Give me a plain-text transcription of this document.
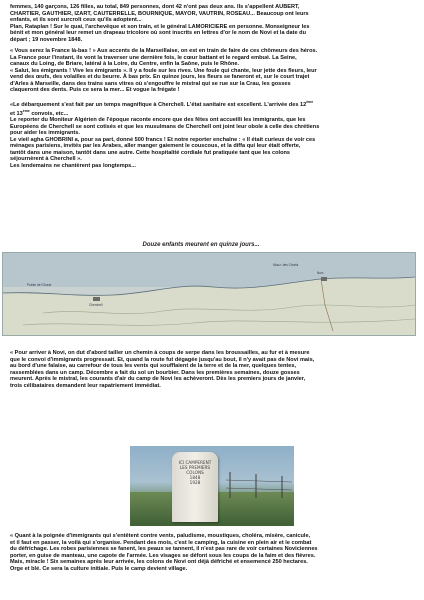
femmes, 140 garçons, 126 filles, au total, 849 personnes, dont 42 n'ont pas deux ans. Ils s'appellent AUBERT,

CHARTIER, GAUTHIER, IZART, CAUTERRELLE, BOURNIQUE, MAYOR, VAUTRIN, ROSEAU... Beaucoup ont leurs

enfants, et ils sont surcroît ceux qu'ils adoptent...

Plan, Rataplan ! Sur le quai, l'archevêque et son train, et le général LAMORICIERE en personne. Monseigneur les

bénit et mon général leur remet un drapeau tricolore où sont inscrits en lettres d'or le nom de Novi et la date du

départ ; 19 novembre 1848.

« Vous serez la France là-bas ! » Aux accents de la Marseillaise, on est en train de faire de ces chômeurs des héros.

La France pour l'instant, ils vont la traverser une dernière fois, le cœur battant et le regard embué. La Seine,

canaux du Loing, de Briare, latéral à la Loire, du Centre, enfin la Saône, puis le Rhône.

« Salut, les émigrants ! Vive les émigrants ». Il y a foule sur les rives. Une foule qui chante, leur jette des fleurs, leur

vend des œufs, des volailles et du beurre. À bas prix. En quinze jours, les fleurs se faneront et, sur le court trajet

d'Arles à Marseille, dans des trains sans vitres où s'engouffre le mistral qui se rue sur la Crau, les gosses

claqueront des dents. Puis ce sera la mer... Et vogue la frégate !

«Le débarquement s'est fait par un temps magnifique à Cherchell. L'état sanitaire est excellent. L'arrivée des 12ème

et 13ème convois, etc...

Le reporter du Moniteur Algérien de l'époque raconte encore que des fêtes ont accueilli les immigrants, que les

Européens de Cherchell se sont cotisés et que les musulmans de Cherchell ont joint leur obole à celle des chrétiens

pour aider les immigrants.

Le vieil agha GHOBRINI a, pour sa part, donné 500 francs ! Et notre reporter enchaîne : « Il était curieux de voir ces

ménages parisiens, invités par les Arabes, aller manger gaiement le couscous, et la diffa qui leur était offerte,

tantôt dans une maison, tantôt dans une autre. Cette hospitalité cordiale fut pratiquée tant que les colons

séjournèrent à Cherchell ».

Les lendemains ne chantèrent pas longtemps...

Douze enfants meurent en quinze jours...
Cherchell
Novi
Mouz. des Chorfa
Pointe de l'Ouest

« Pour arriver à Novi, on dut d'abord tailler un chemin à coups de serpe dans les broussailles, au fur et à mesure

que le convoi d'immigrants progressait. Et, quand la route fut dégagée jusqu'au bout, il n'y avait pas de Novi mais,

au bord d'une falaise, au carrefour de tous les vents qui soufflaient de la terre et de la mer, quelques tentes,

rassemblées dans un camp. Décembre a fait du sol un bourbier. Dans les premières semaines, douze gosses

meurent. Après le mistral, les courants d'air du camp de Novi les achèveront. Dès les premiers jours de janvier,

trois célibataires demandent leur rapatriement immédiat.

ICI CAMPERENT
LES PREMIERS
COLONS
1848
1928

« Quant à la poignée d'immigrants qui s'entêtent contre vents, paludisme, moustiques, choléra, misère, canicule,

et il faut en passer, la voilà qui s'organise. Pendant des mois, c'est le camping, la cuisine en plein air et le combat

du défrichage. Les robes parisiennes se fanent, les peaux se tannent, il n'est pas rare de voir certaines Noviciennes

porter, en guise de manteau, une capote de l'armée. Les visages se défont sous les coups de la faim et des fièvres.

Mais, miracle ! Six semaines après leur arrivée, les colons de Novi ont déjà défriché et ensemencé 250 hectares.

Orge et blé. Ce sera la culture initiale. Puis le camp devient village.
